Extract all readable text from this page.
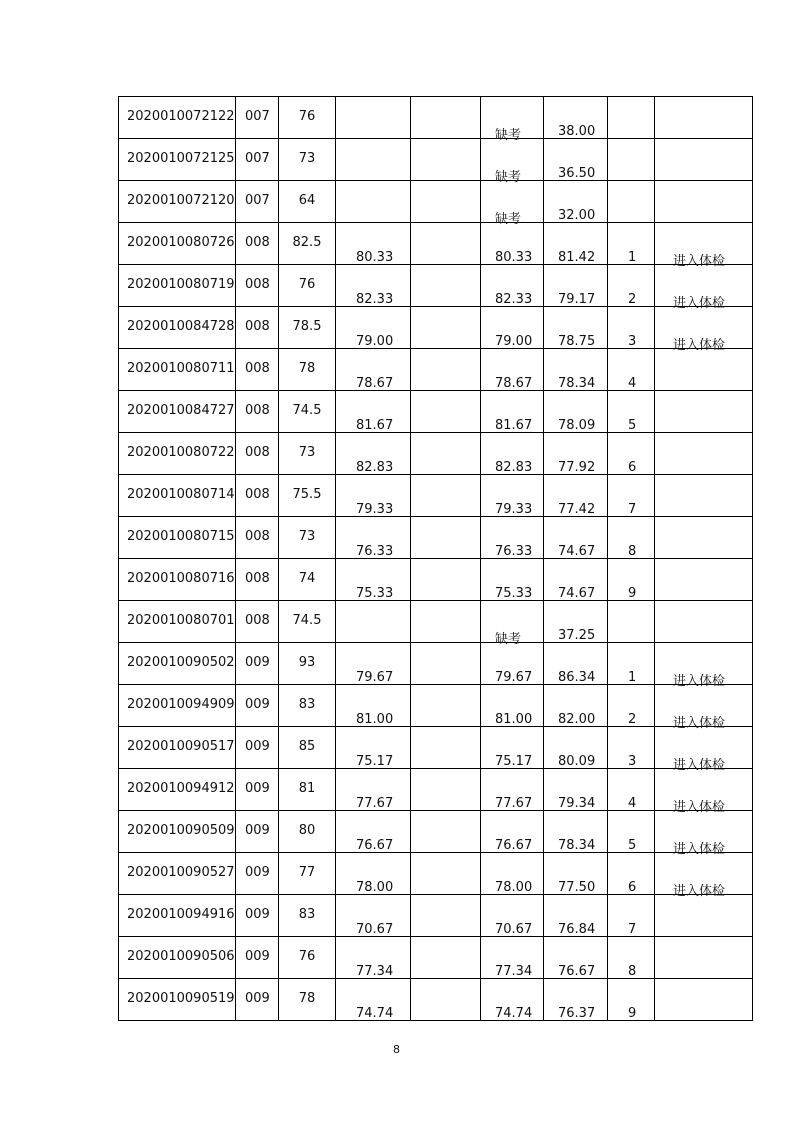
2020010072122	007	76			缺考	38.00		

2020010072125	007	73			缺考	36.50		

2020010072120	007	64			缺考	32.00		

2020010080726	008	82.5	80.33		80.33	81.42	1	进入体检

2020010080719	008	76	82.33		82.33	79.17	2	进入体检

2020010084728	008	78.5	79.00		79.00	78.75	3	进入体检

2020010080711	008	78	78.67		78.67	78.34	4	

2020010084727	008	74.5	81.67		81.67	78.09	5	

2020010080722	008	73	82.83		82.83	77.92	6	

2020010080714	008	75.5	79.33		79.33	77.42	7	

2020010080715	008	73	76.33		76.33	74.67	8	

2020010080716	008	74	75.33		75.33	74.67	9	

2020010080701	008	74.5			缺考	37.25		

2020010090502	009	93	79.67		79.67	86.34	1	进入体检

2020010094909	009	83	81.00		81.00	82.00	2	进入体检

2020010090517	009	85	75.17		75.17	80.09	3	进入体检

2020010094912	009	81	77.67		77.67	79.34	4	进入体检

2020010090509	009	80	76.67		76.67	78.34	5	进入体检

2020010090527	009	77	78.00		78.00	77.50	6	进入体检

2020010094916	009	83	70.67		70.67	76.84	7	

2020010090506	009	76	77.34		77.34	76.67	8	

2020010090519	009	78	74.74		74.74	76.37	9	

8
